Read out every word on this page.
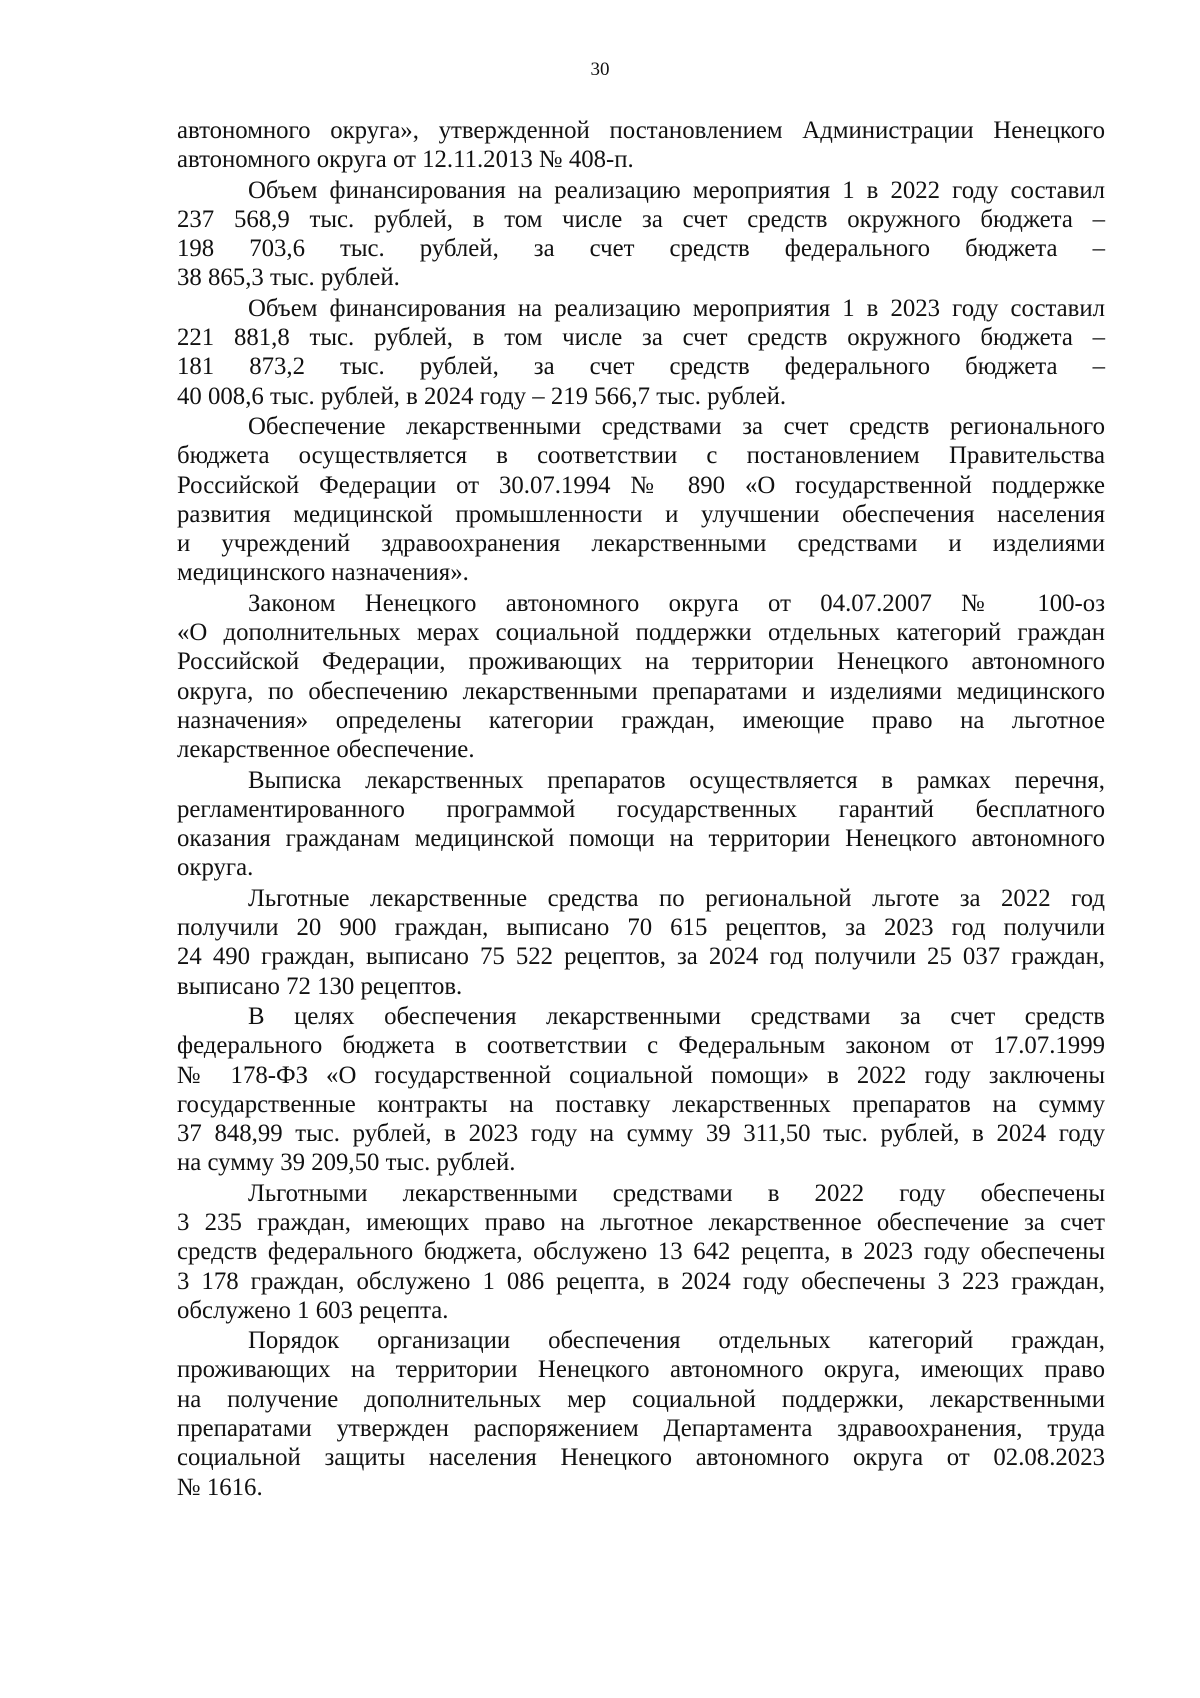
30
автономного округа», утвержденной постановлением Администрации Ненецкого
автономного округа от 12.11.2013 № 408-п.
Объем финансирования на реализацию мероприятия 1 в 2022 году составил
237 568,9 тыс. рублей, в том числе за счет средств окружного бюджета –
198 703,6 тыс. рублей, за счет средств федерального бюджета –
38 865,3 тыс. рублей.
Объем финансирования на реализацию мероприятия 1 в 2023 году составил
221 881,8 тыс. рублей, в том числе за счет средств окружного бюджета –
181 873,2 тыс. рублей, за счет средств федерального бюджета –
40 008,6 тыс. рублей, в 2024 году – 219 566,7 тыс. рублей.
Обеспечение лекарственными средствами за счет средств регионального
бюджета осуществляется в соответствии с постановлением Правительства
Российской Федерации от 30.07.1994 № 890 «О государственной поддержке
развития медицинской промышленности и улучшении обеспечения населения
и учреждений здравоохранения лекарственными средствами и изделиями
медицинского назначения».
Законом Ненецкого автономного округа от 04.07.2007 № 100-оз
«О дополнительных мерах социальной поддержки отдельных категорий граждан
Российской Федерации, проживающих на территории Ненецкого автономного
округа, по обеспечению лекарственными препаратами и изделиями медицинского
назначения» определены категории граждан, имеющие право на льготное
лекарственное обеспечение.
Выписка лекарственных препаратов осуществляется в рамках перечня,
регламентированного программой государственных гарантий бесплатного
оказания гражданам медицинской помощи на территории Ненецкого автономного
округа.
Льготные лекарственные средства по региональной льготе за 2022 год
получили 20 900 граждан, выписано 70 615 рецептов, за 2023 год получили
24 490 граждан, выписано 75 522 рецептов, за 2024 год получили 25 037 граждан,
выписано 72 130 рецептов.
В целях обеспечения лекарственными средствами за счет средств
федерального бюджета в соответствии с Федеральным законом от 17.07.1999
№ 178-ФЗ «О государственной социальной помощи» в 2022 году заключены
государственные контракты на поставку лекарственных препаратов на сумму
37 848,99 тыс. рублей, в 2023 году на сумму 39 311,50 тыс. рублей, в 2024 году
на сумму 39 209,50 тыс. рублей.
Льготными лекарственными средствами в 2022 году обеспечены
3 235 граждан, имеющих право на льготное лекарственное обеспечение за счет
средств федерального бюджета, обслужено 13 642 рецепта, в 2023 году обеспечены
3 178 граждан, обслужено 1 086 рецепта, в 2024 году обеспечены 3 223 граждан,
обслужено 1 603 рецепта.
Порядок организации обеспечения отдельных категорий граждан,
проживающих на территории Ненецкого автономного округа, имеющих право
на получение дополнительных мер социальной поддержки, лекарственными
препаратами утвержден распоряжением Департамента здравоохранения, труда
социальной защиты населения Ненецкого автономного округа от 02.08.2023
№ 1616.
